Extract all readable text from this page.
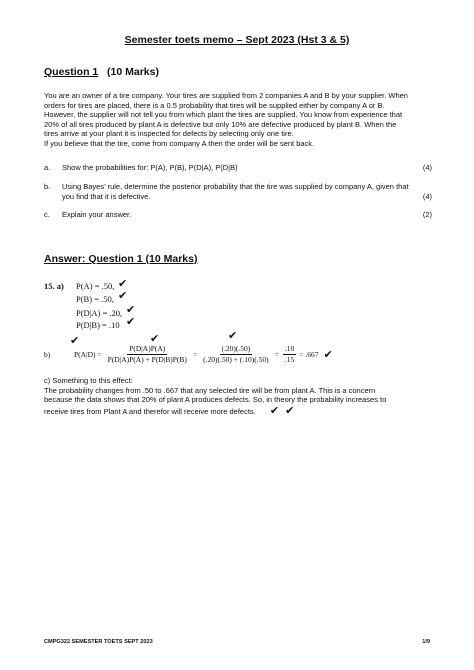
Semester toets memo – Sept 2023 (Hst 3 & 5)
Question 1 (10 Marks)
You are an owner of a tire company. Your tires are supplied from 2 companies A and B by your supplier. When
orders for tires are placed, there is a 0.5 probability that tires will be supplied either by company A or B.
However, the supplier will not tell you from which plant the tires are supplied. You know from experience that
20% of all tires produced by plant A is defective but only 10% are defective produced by plant B. When the
tires arrive at your plant it is inspected for defects by selecting only one tire.
If you believe that the tire, come from company A then the order will be sent back.
a. Show the probabilities for: P(A), P(B), P(D|A), P(D|B)	(4)
b. Using Bayes’ rule, determine the posterior probability that the tire was supplied by company A, given that
you find that it is defective.	(4)
c. Explain your answer.	(2)
Answer: Question 1 (10 Marks)
15. a) P(A) = .50, ✔
P(B) = .50, ✔
P(D|A) = .20, ✔
P(D|B) = .10 ✔
✔	✔	✔
b)	$P(A|D) = \frac{P(D|A)P(A)}{P(D|A)P(A) + P(D|B)P(B)} = \frac{(.20)(.50)}{(.20)(.50) + (.10)(.50)} = \frac{.10}{.15} = .667$ ✔
c) Something to this effect:
The probability changes from .50 to .667 that any selected tire will be from plant A. This is a concern
because the data shows that 20% of plant A produces defects. So, in theory the probability increases to
receive tires from Plant A and therefor will receive more defects. ✔ ✔
CMPG322 SEMESTER TOETS SEPT 2023	1/9
